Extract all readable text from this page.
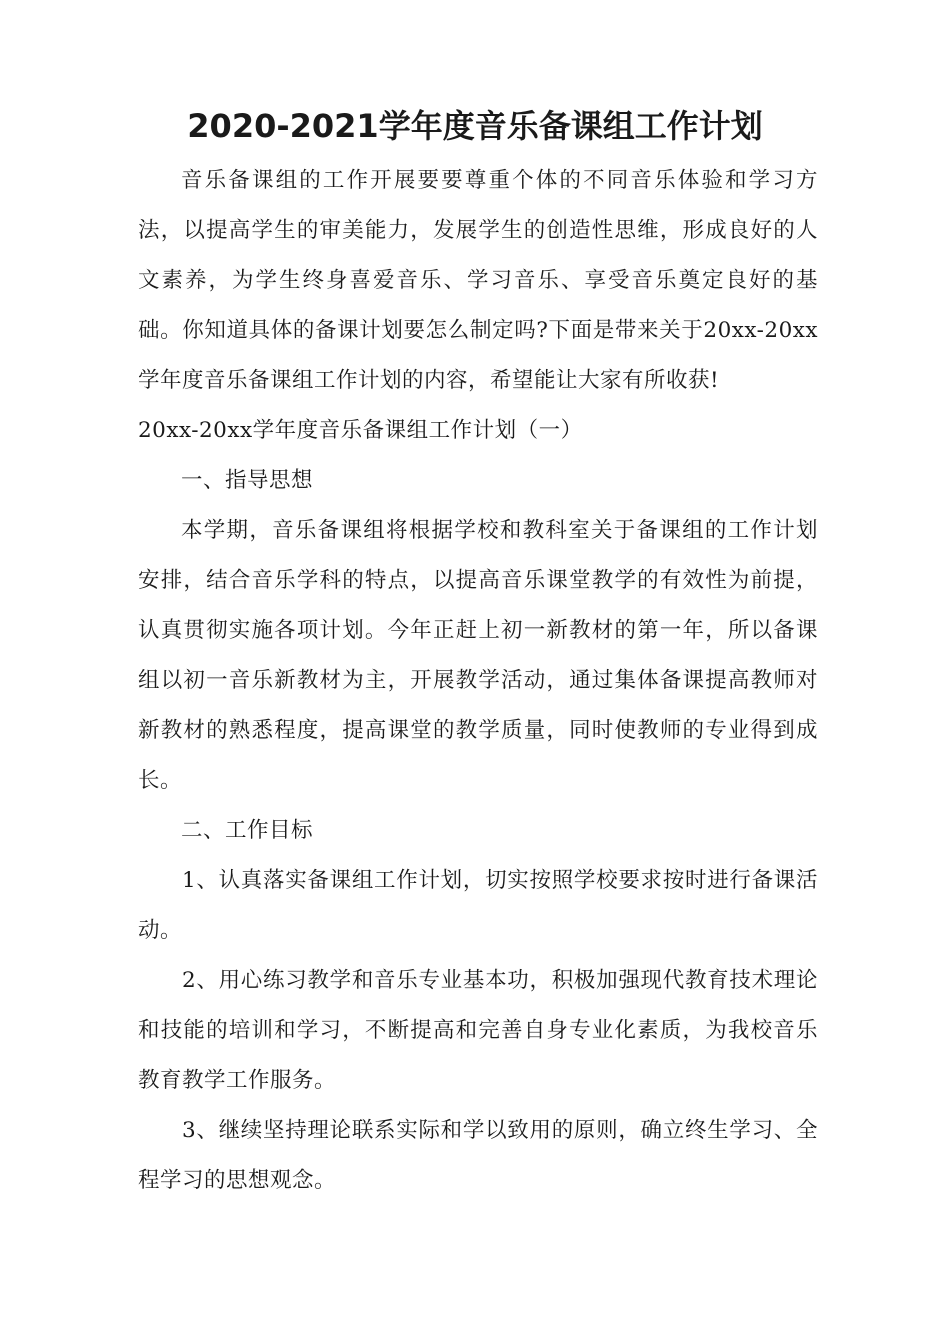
2020-2021学年度音乐备课组工作计划

音乐备课组的工作开展要要尊重个体的不同音乐体验和学习方法，以提高学生的审美能力，发展学生的创造性思维，形成良好的人文素养，为学生终身喜爱音乐、学习音乐、享受音乐奠定良好的基础。你知道具体的备课计划要怎么制定吗?下面是带来关于20xx-20xx学年度音乐备课组工作计划的内容，希望能让大家有所收获!

20xx-20xx学年度音乐备课组工作计划（一）

一、指导思想

本学期，音乐备课组将根据学校和教科室关于备课组的工作计划安排，结合音乐学科的特点，以提高音乐课堂教学的有效性为前提，认真贯彻实施各项计划。今年正赶上初一新教材的第一年，所以备课组以初一音乐新教材为主，开展教学活动，通过集体备课提高教师对新教材的熟悉程度，提高课堂的教学质量，同时使教师的专业得到成长。

二、工作目标

1、认真落实备课组工作计划，切实按照学校要求按时进行备课活动。

2、用心练习教学和音乐专业基本功，积极加强现代教育技术理论和技能的培训和学习，不断提高和完善自身专业化素质，为我校音乐教育教学工作服务。

3、继续坚持理论联系实际和学以致用的原则，确立终生学习、全程学习的思想观念。
